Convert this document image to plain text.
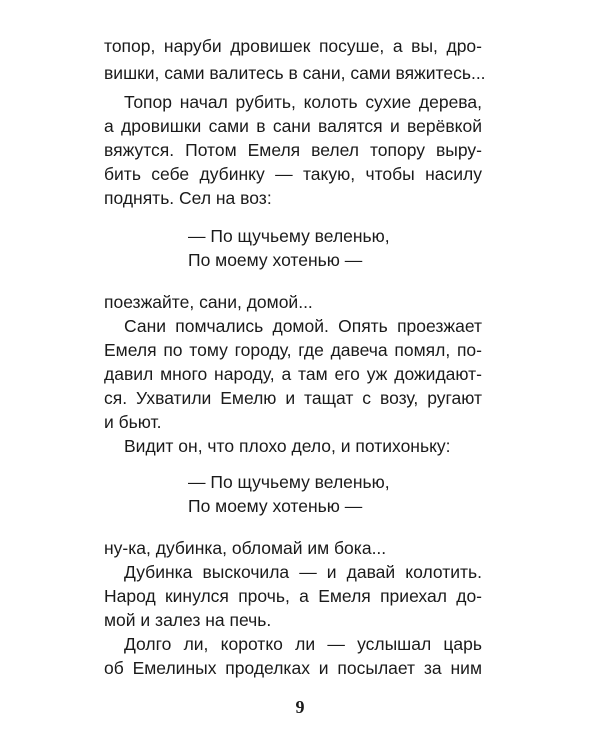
топор, наруби дровишек посуше, а вы, дро-
вишки, сами валитесь в сани, сами вяжитесь...
Топор начал рубить, колоть сухие дерева,
а дровишки сами в сани валятся и верёвкой
вяжутся. Потом Емеля велел топору выру-
бить себе дубинку — такую, чтобы насилу
поднять. Сел на воз:
— По щучьему веленью,
По моему хотенью —
поезжайте, сани, домой...
Сани помчались домой. Опять проезжает
Емеля по тому городу, где давеча помял, по-
давил много народу, а там его уж дожидают-
ся. Ухватили Емелю и тащат с возу, ругают
и бьют.
Видит он, что плохо дело, и потихоньку:
— По щучьему веленью,
По моему хотенью —
ну-ка, дубинка, обломай им бока...
Дубинка выскочила — и давай колотить.
Народ кинулся прочь, а Емеля приехал до-
мой и залез на печь.
Долго ли, коротко ли — услышал царь
об Емелиных проделках и посылает за ним
9
